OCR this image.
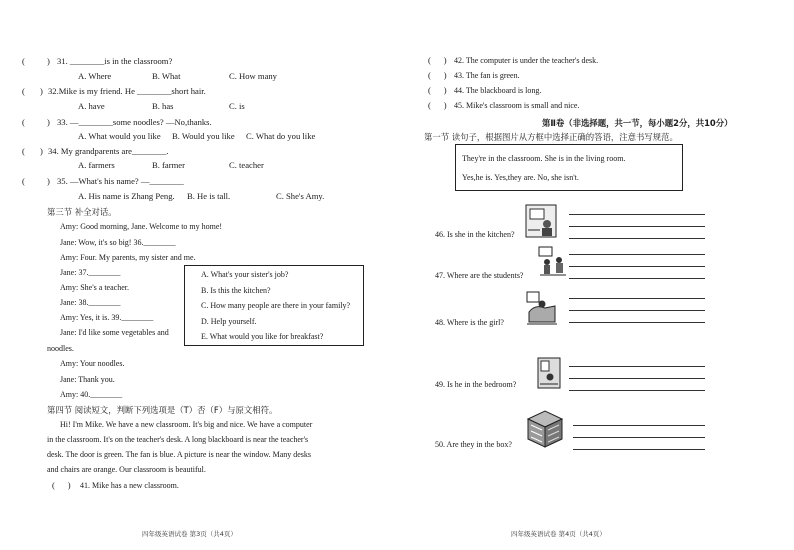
(	) 31. ________is in the classroom?
A. Where	B. What	C. How many
( ) 32.Mike is my friend. He ________short hair.
A. have	B. has	C. is
(	) 33. —________some noodles? —No,thanks.
A. What would you like B. Would you like C. What do you like
( ) 34. My grandparents are________.
A. farmers	B. farmer	C. teacher
(	) 35. —What's his name? —________
A. His name is Zhang Peng. B. He is tall.	C. She's Amy.
第三节 补全对话。
Amy: Good morning, Jane. Welcome to my home!
Jane: Wow, it's so big! 36.________
Amy: Four. My parents, my sister and me.
Jane: 37.________
Amy: She's a teacher.
Jane: 38.________
Amy: Yes, it is. 39.________
Jane: I'd like some vegetables and
noodles.
Amy: Your noodles.
Jane: Thank you.
Amy: 40.________
A. What's your sister's job?
B. Is this the kitchen?
C. How many people are there in your family?
D. Help yourself.
E. What would you like for breakfast?
第四节 阅读短文，判断下列选项是（T）否（F）与原文相符。
Hi! I'm Mike. We have a new classroom. It's big and nice. We have a computer
in the classroom. It's on the teacher's desk. A long blackboard is near the teacher's
desk. The door is green. The fan is blue. A picture is near the window. Many desks
and chairs are orange. Our classroom is beautiful.
(      ) 41. Mike has a new classroom.
四年级英语试卷 第3页（共4页）
(      ) 42. The computer is under the teacher's desk.
(      ) 43. The fan is green.
(      ) 44. The blackboard is long.
(      ) 45. Mike's classroom is small and nice.
第Ⅱ卷（非选择题，共一节，每小题2分，共10分）
第一节 读句子，根据图片从方框中选择正确的答语，注意书写规范。
They're in the classroom. She is in the living room.
Yes,he is. Yes,they are. No, she isn't.
46. Is she in the kitchen?
47. Where are the students?
48. Where is the girl?
49. Is he in the bedroom?
50. Are they in the box?
四年级英语试卷 第4页（共4页）
